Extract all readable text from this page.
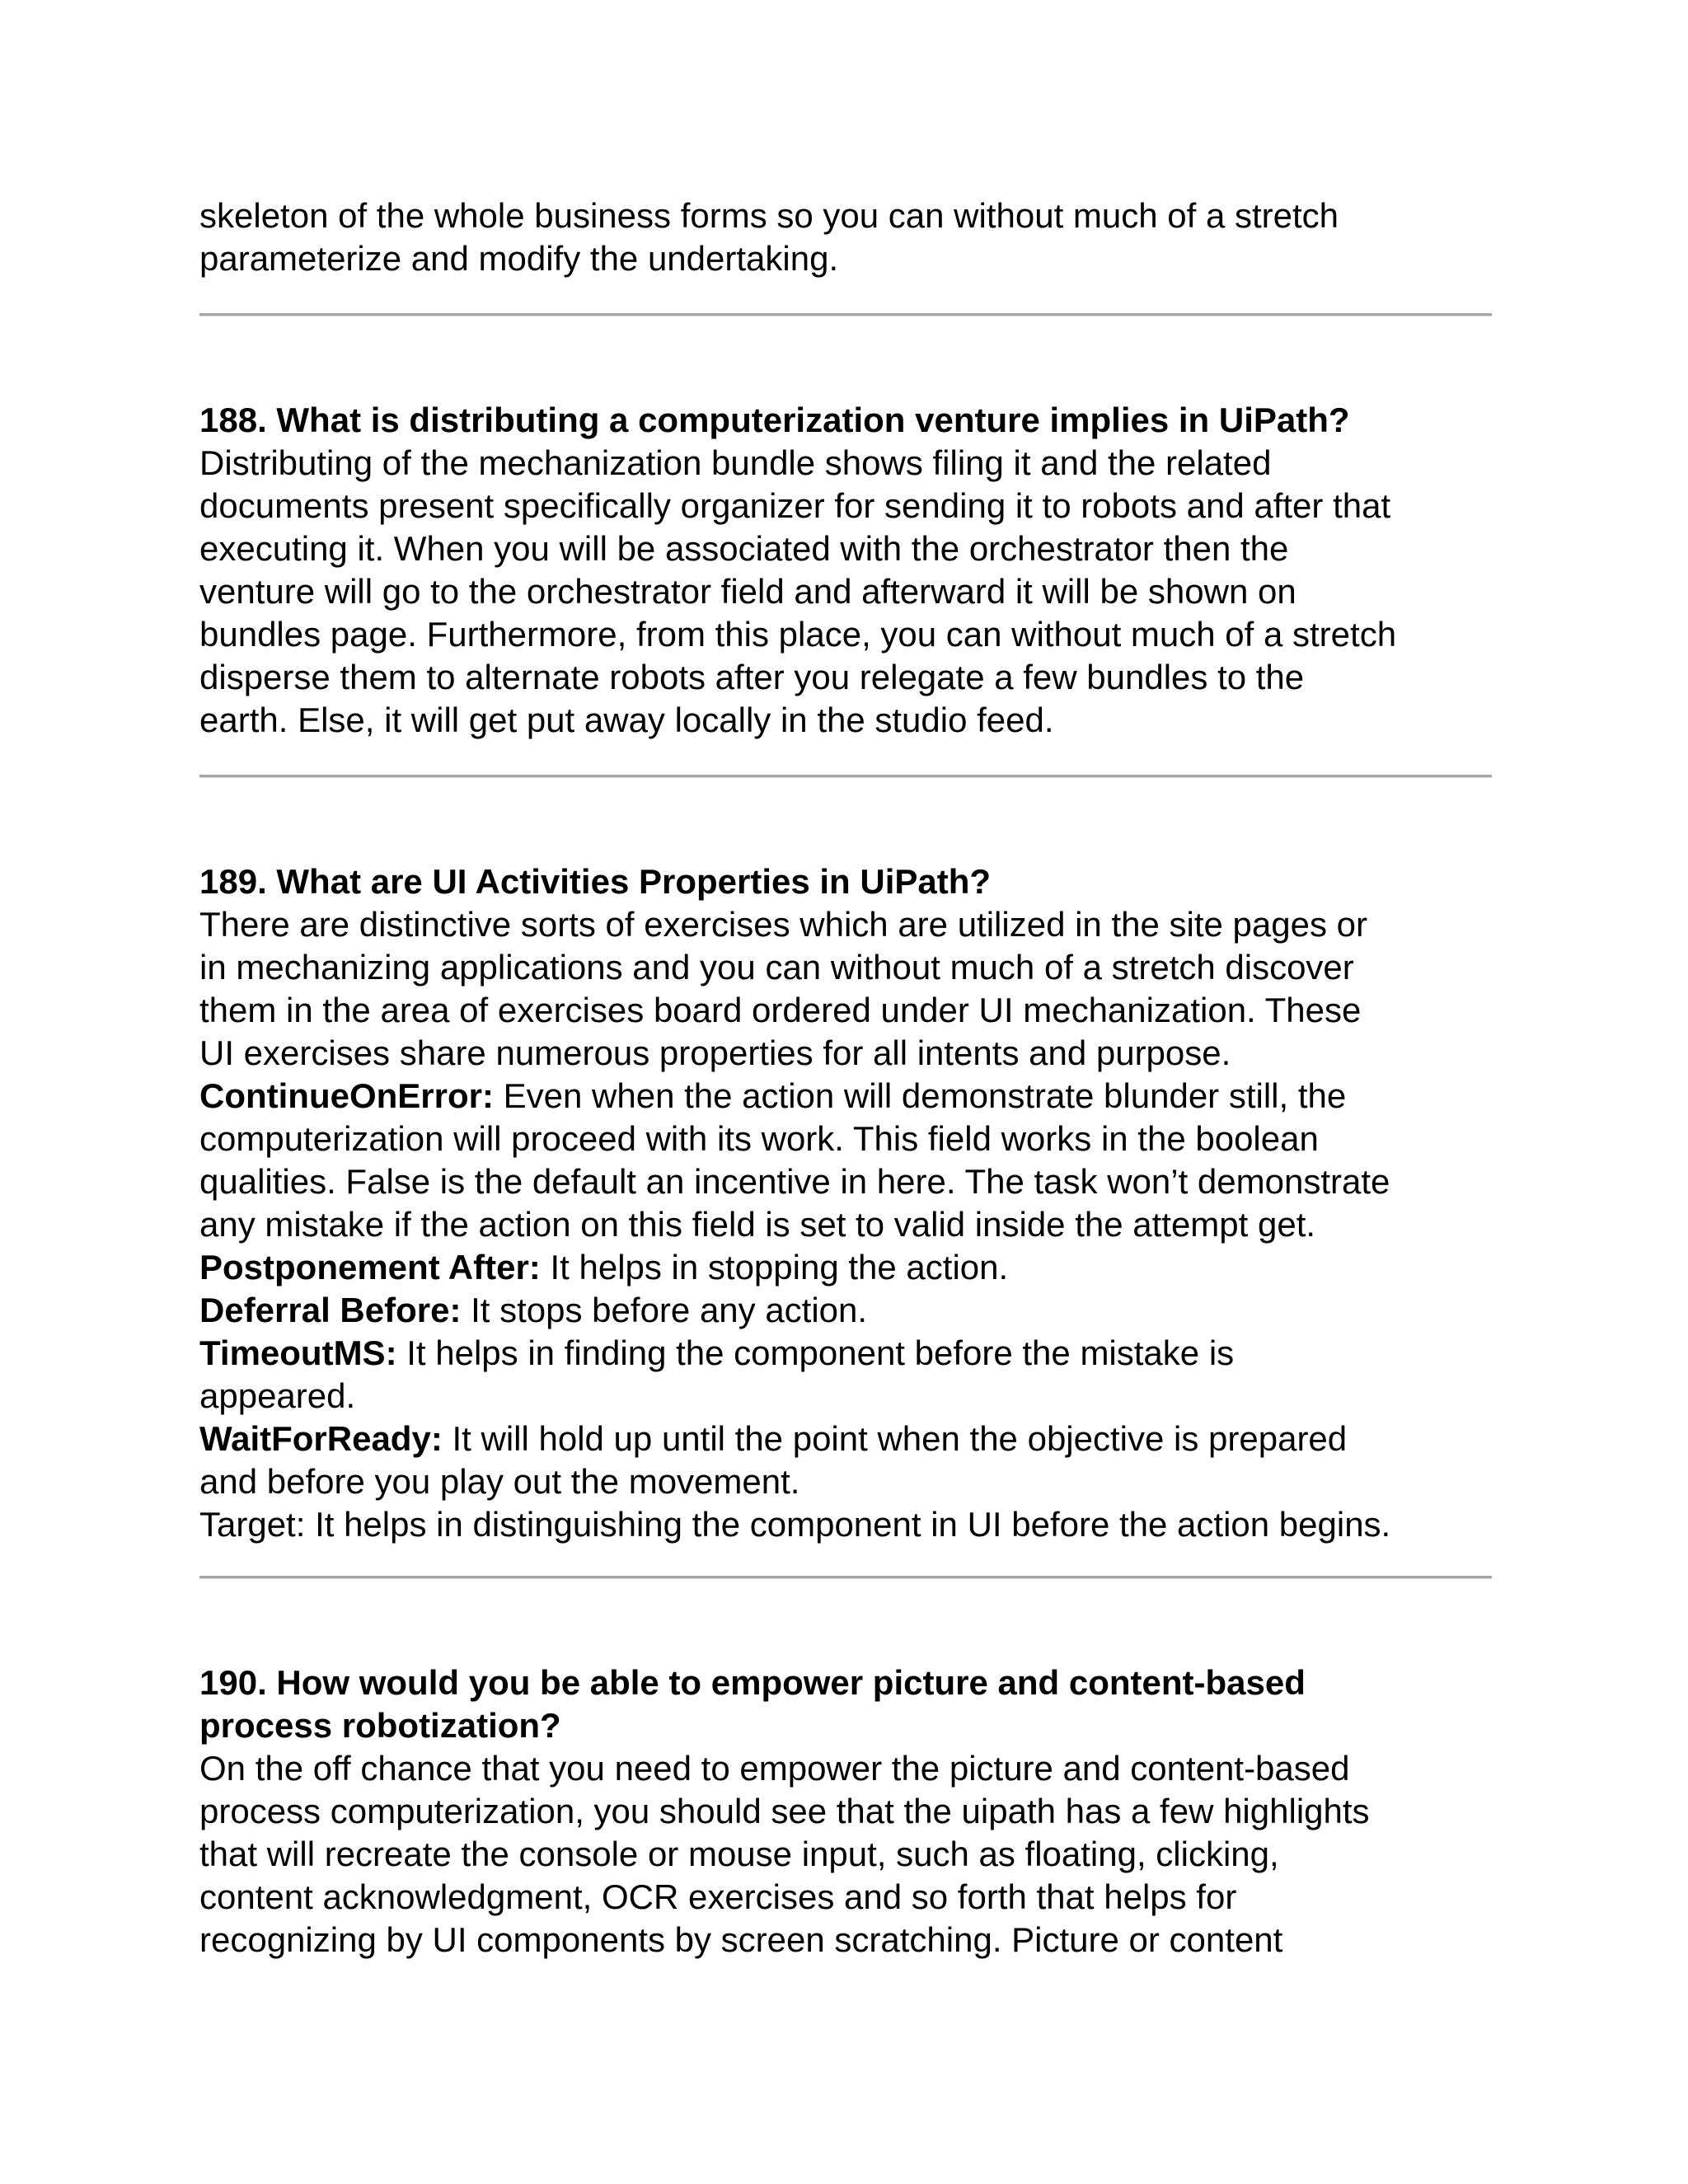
skeleton of the whole business forms so you can without much of a stretch
parameterize and modify the undertaking.
188. What is distributing a computerization venture implies in UiPath?
Distributing of the mechanization bundle shows filing it and the related
documents present specifically organizer for sending it to robots and after that
executing it. When you will be associated with the orchestrator then the
venture will go to the orchestrator field and afterward it will be shown on
bundles page. Furthermore, from this place, you can without much of a stretch
disperse them to alternate robots after you relegate a few bundles to the
earth. Else, it will get put away locally in the studio feed.
189. What are UI Activities Properties in UiPath?
There are distinctive sorts of exercises which are utilized in the site pages or
in mechanizing applications and you can without much of a stretch discover
them in the area of exercises board ordered under UI mechanization. These
UI exercises share numerous properties for all intents and purpose.
ContinueOnError: Even when the action will demonstrate blunder still, the
computerization will proceed with its work. This field works in the boolean
qualities. False is the default an incentive in here. The task won’t demonstrate
any mistake if the action on this field is set to valid inside the attempt get.
Postponement After: It helps in stopping the action.
Deferral Before: It stops before any action.
TimeoutMS: It helps in finding the component before the mistake is
appeared.
WaitForReady: It will hold up until the point when the objective is prepared
and before you play out the movement.
Target: It helps in distinguishing the component in UI before the action begins.
190. How would you be able to empower picture and content-based
process robotization?
On the off chance that you need to empower the picture and content-based
process computerization, you should see that the uipath has a few highlights
that will recreate the console or mouse input, such as floating, clicking,
content acknowledgment, OCR exercises and so forth that helps for
recognizing by UI components by screen scratching. Picture or content
